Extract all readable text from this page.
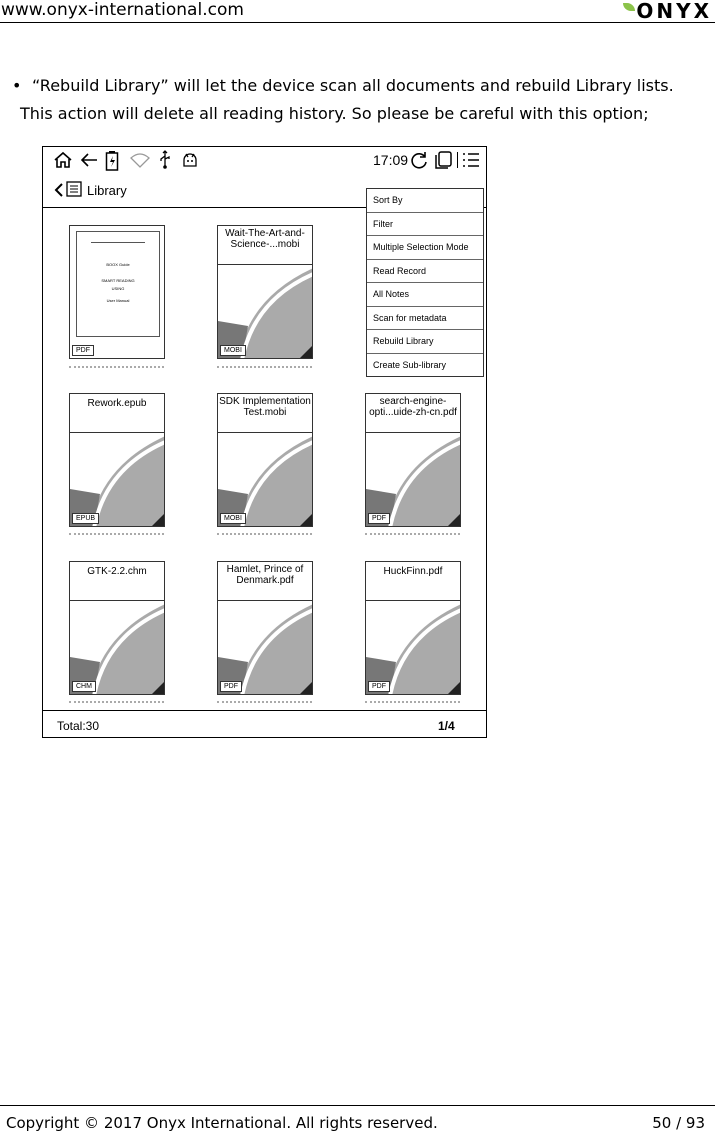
www.onyx-international.com	ONYX
• “Rebuild Library” will let the device scan all documents and rebuild Library lists. This action will delete all reading history. So please be careful with this option;
17:09
Library
BOOX Guide
SMART READING
USING
User Manual
PDF
Wait-The-Art-and-Science-...mobi
MOBI
Rework.epub
EPUB
SDK Implementation Test.mobi
MOBI
search-engine-opti...uide-zh-cn.pdf
PDF
GTK-2.2.chm
CHM
Hamlet, Prince of Denmark.pdf
PDF
HuckFinn.pdf
PDF
Sort By
Filter
Multiple Selection Mode
Read Record
All Notes
Scan for metadata
Rebuild Library
Create Sub-library
Total:30	1/4
Copyright © 2017 Onyx International. All rights reserved.	50 / 93
